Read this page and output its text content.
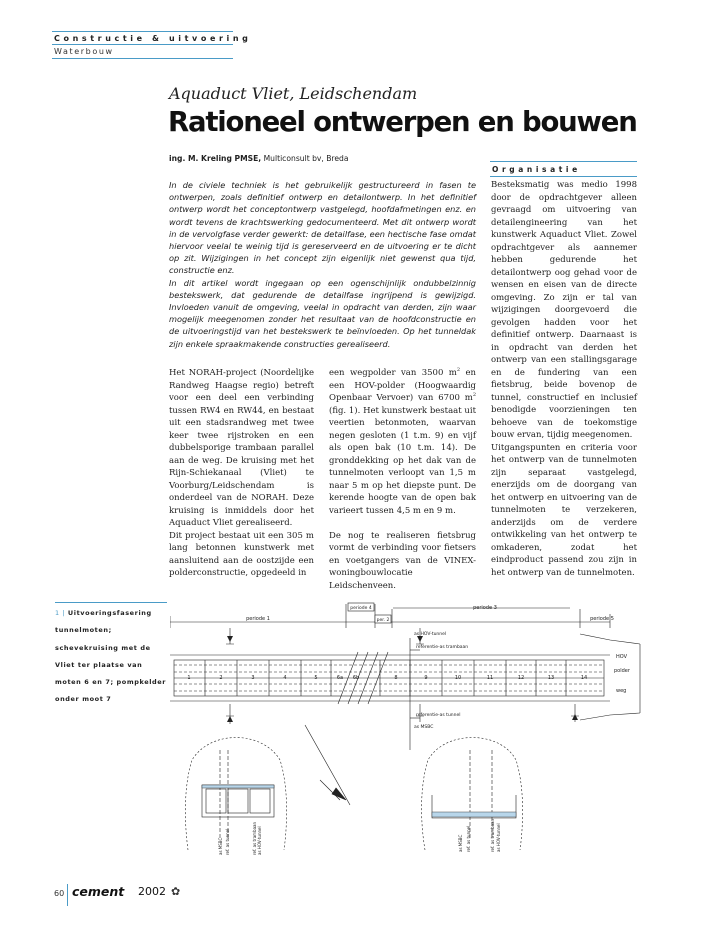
Constructie & uitvoering
Waterbouw
Aquaduct Vliet, Leidschendam
Rationeel ontwerpen en bouwen
ing. M. Kreling PMSE, Multiconsult bv, Breda

In de civiele techniek is het gebruikelijk gestructureerd in fasen te ontwerpen, zoals definitief ontwerp en detailontwerp. In het definitief ontwerp wordt het conceptontwerp vastgelegd, hoofdafmetingen enz. en wordt tevens de krachtswerking gedocumenteerd. Met dit ontwerp wordt in de vervolgfase verder gewerkt: de detailfase, een hectische fase omdat hiervoor veelal te weinig tijd is gereserveerd en de uitvoering er te dicht op zit. Wijzigingen in het concept zijn eigenlijk niet gewenst qua tijd, constructie enz.

In dit artikel wordt ingegaan op een ogenschijnlijk ondubbelzinnig bestekswerk, dat gedurende de detailfase ingrijpend is gewijzigd. Invloeden vanuit de omgeving, veelal in opdracht van derden, zijn waar mogelijk meegenomen zonder het resultaat van de hoofdconstructie en de uitvoeringstijd van het bestekswerk te beïnvloeden. Op het tunneldak zijn enkele spraakmakende constructies gerealiseerd.

Het NORAH-project (Noordelijke Randweg Haagse regio) betreft voor een deel een verbinding tussen RW4 en RW44, en bestaat uit een stadsrandweg met twee keer twee rijstroken en een dubbelsporige trambaan parallel aan de weg. De kruising met het Rijn-Schiekanaal (Vliet) te Voorburg/Leidschendam is onderdeel van de NORAH. Deze kruising is inmiddels door het Aquaduct Vliet gerealiseerd.

Dit project bestaat uit een 305 m lang betonnen kunstwerk met aansluitend aan de oostzijde een polderconstructie, opgedeeld in

een wegpolder van 3500 $m^2$ en een HOV-polder (Hoogwaardig Openbaar Vervoer) van 6700 $m^2$ (fig. 1). Het kunstwerk bestaat uit veertien betonmoten, waarvan negen gesloten (1 t.m. 9) en vijf als open bak (10 t.m. 14). De gronddekking op het dak van de tunnelmoten verloopt van 1,5 m naar 5 m op het diepste punt. De kerende hoogte van de open bak varieert tussen 4,5 m en 9 m.

De nog te realiseren fietsbrug vormt de verbinding voor fietsers en voetgangers van de VINEX-woningbouwlocatie Leidschenveen.

Organisatie

Besteksmatig was medio 1998 door de opdrachtgever alleen gevraagd om uitvoering van detailengineering van het kunstwerk Aquaduct Vliet. Zowel opdrachtgever als aannemer hebben gedurende het detailontwerp oog gehad voor de wensen en eisen van de directe omgeving. Zo zijn er tal van wijzigingen doorgevoerd die gevolgen hadden voor het definitief ontwerp. Daarnaast is in opdracht van derden het ontwerp van een stallingsgarage en de fundering van een fietsbrug, beide bovenop de tunnel, constructief en inclusief benodigde voorzieningen ten behoeve van de toekomstige bouw ervan, tijdig meegenomen.

Uitgangspunten en criteria voor het ontwerp van de tunnelmoten zijn separaat vastgelegd, enerzijds om de doorgang van het ontwerp en uitvoering van de tunnelmoten te verzekeren, anderzijds om de verdere ontwikkeling van het ontwerp te omkaderen, zodat het eindproduct passend zou zijn in het ontwerp van de tunnelmoten.

1 | Uitvoeringsfasering tunnelmoten; schevekruising met de Vliet ter plaatse van moten 6 en 7; pompkelder onder moot 7
periode 1
periode 4
per. 2
periode 3
periode 5
1	2	3	4	5	6a 6b	8	9	10	11	12	13	14
as HOV-tunnel
referentie-as trambaan
referentie-as tunnel
as MSBC
HOV
polder
weg
as MSBC ref. as tunnel	ref. as trambaan as HOV-tunnel	as MSBC ref. as tunnel	ref. as trambaan as HOV-tunnel
60 cement 2002 ✿
